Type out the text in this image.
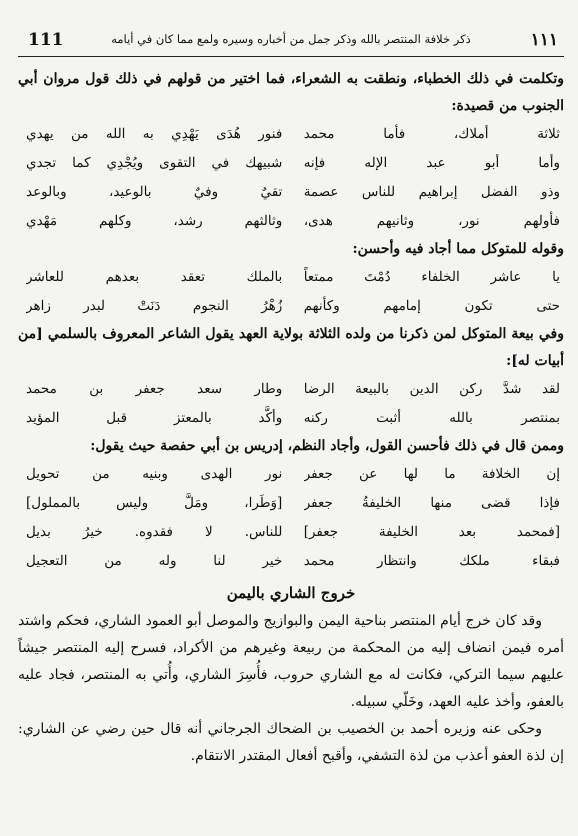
111	ذكر خلافة المنتصر بالله وذكر جمل من أخباره وسيره ولمع مما كان في أيامه	١١١

وتكلمت في ذلك الخطباء، ونطقت به الشعراء، فما اختير من قولهم في ذلك قول مروان أبي الجنوب من قصيدة:

ثلاثة أملاك، فأما محمد
فنور هُدَى يَهْدِي به الله من يهدي
وأما أبو عبد الإله فإنه
شبيهك في التقوى ويُجْدِي كما تجدي
وذو الفضل إبراهيم للناس عصمة
تقيٌ وفيٌ بالوعيد، وبالوعد
فأولهم نور، وثانيهم هدى،
وثالثهم رشد، وكلهم مَهْدي

وقوله للمتوكل مما أجاد فيه وأحسن:

يا عاشر الخلفاء دُمْتَ ممتعاً
بالملك تعقد بعدهم للعاشر
حتى تكون إمامهم وكأنهم
زُهْرُ النجوم دَنَتْ لبدر زاهر

وفي بيعة المتوكل لمن ذكرنا من ولده الثلاثة بولاية العهد يقول الشاعر المعروف بالسلمي [من أبيات له]:

لقد شدَّ ركن الدين بالبيعة الرضا
وطار سعد جعفر بن محمد
بمنتصر بالله أثبت ركنه
وأكَّد بالمعتز قبل المؤيد

وممن قال في ذلك فأحسن القول، وأجاد النظم، إدريس بن أبي حفصة حيث يقول:

إن الخلافة ما لها عن جعفر
نور الهدى وبنيه من تحويل
فإذا قضى منها الخليفةُ جعفر
[وَطَرا، ومَلَّ وليس بالمملول]
[فمحمد بعد الخليفة جعفر]
للناس. لا فقدوه. خيرُ بديل
فبقاء ملكك وانتظار محمد
خير لنا وله من التعجيل
خروج الشاري باليمن

وقد كان خرج أيام المنتصر بناحية اليمن والبوازيج والموصل أبو العمود الشاري، فحكم واشتد أمره فيمن انضاف إليه من المحكمة من ربيعة وغيرهم من الأكراد، فسرح إليه المنتصر جيشاً عليهم سيما التركي، فكانت له مع الشاري حروب، فأُسِرَ الشاري، وأُتي به المنتصر، فجاد عليه بالعفو، وأخذ عليه العهد، وخَلّي سبيله.

وحكى عنه وزيره أحمد بن الخصيب بن الضحاك الجرجاني أنه قال حين رضي عن الشاري: إن لذة العفو أعذب من لذة التشفي، وأقبح أفعال المقتدر الانتقام.
